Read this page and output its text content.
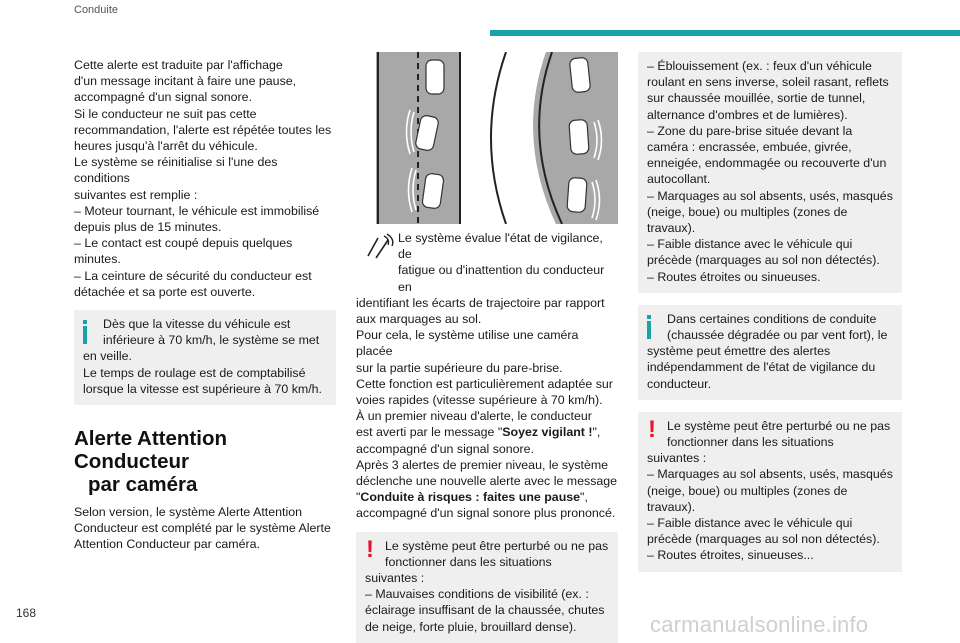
Conduite

Cette alerte est traduite par l'affichage

d'un message incitant à faire une pause,

accompagné d'un signal sonore.

Si le conducteur ne suit pas cette

recommandation, l'alerte est répétée toutes les

heures jusqu'à l'arrêt du véhicule.

Le système se réinitialise si l'une des conditions

suivantes est remplie :

– Moteur tournant, le véhicule est immobilisé

depuis plus de 15 minutes.

– Le contact est coupé depuis quelques

minutes.

– La ceinture de sécurité du conducteur est

détachée et sa porte est ouverte.

Dès que la vitesse du véhicule est

inférieure à 70 km/h, le système se met

en veille.

Le temps de roulage est de comptabilisé

lorsque la vitesse est supérieure à 70 km/h.

Alerte Attention Conducteur
par caméra

Selon version, le système Alerte Attention

Conducteur est complété par le système Alerte

Attention Conducteur par caméra.

Le système évalue l'état de vigilance, de

fatigue ou d'inattention du conducteur en

identifiant les écarts de trajectoire par rapport

aux marquages au sol.

Pour cela, le système utilise une caméra placée

sur la partie supérieure du pare-brise.

Cette fonction est particulièrement adaptée sur

voies rapides (vitesse supérieure à 70 km/h).

À un premier niveau d'alerte, le conducteur

est averti par le message "Soyez vigilant !",

accompagné d'un signal sonore.

Après 3 alertes de premier niveau, le système

déclenche une nouvelle alerte avec le message

"Conduite à risques : faites une pause",

accompagné d'un signal sonore plus prononcé.

! Le système peut être perturbé ou ne pas

fonctionner dans les situations

suivantes :

– Mauvaises conditions de visibilité (ex. :

éclairage insuffisant de la chaussée, chutes

de neige, forte pluie, brouillard dense).

– Éblouissement (ex. : feux d'un véhicule

roulant en sens inverse, soleil rasant, reflets

sur chaussée mouillée, sortie de tunnel,

alternance d'ombres et de lumières).

– Zone du pare-brise située devant la

caméra : encrassée, embuée, givrée,

enneigée, endommagée ou recouverte d'un

autocollant.

– Marquages au sol absents, usés, masqués

(neige, boue) ou multiples (zones de travaux).

– Faible distance avec le véhicule qui

précède (marquages au sol non détectés).

– Routes étroites ou sinueuses.

Dans certaines conditions de conduite

(chaussée dégradée ou par vent fort), le

système peut émettre des alertes

indépendamment de l'état de vigilance du

conducteur.

! Le système peut être perturbé ou ne pas

fonctionner dans les situations

suivantes :

– Marquages au sol absents, usés, masqués

(neige, boue) ou multiples (zones de travaux).

– Faible distance avec le véhicule qui

précède (marquages au sol non détectés).

– Routes étroites, sinueuses...

168	carmanualsonline.info
